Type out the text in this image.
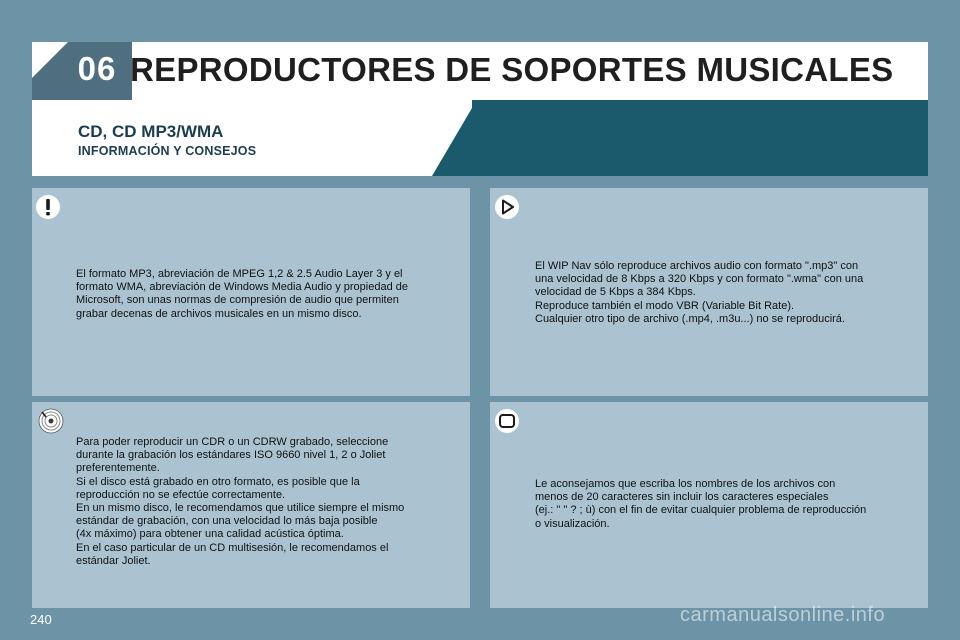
06 REPRODUCTORES DE SOPORTES MUSICALES
CD, CD MP3/WMA
INFORMACIÓN Y CONSEJOS
El formato MP3, abreviación de MPEG 1,2 & 2.5 Audio Layer 3 y el
formato WMA, abreviación de Windows Media Audio y propiedad de
Microsoft, son unas normas de compresión de audio que permiten
grabar decenas de archivos musicales en un mismo disco.
El WIP Nav sólo reproduce archivos audio con formato ".mp3" con
una velocidad de 8 Kbps a 320 Kbps y con formato ".wma" con una
velocidad de 5 Kbps a 384 Kbps.
Reproduce también el modo VBR (Variable Bit Rate).
Cualquier otro tipo de archivo (.mp4, .m3u...) no se reproducirá.
Para poder reproducir un CDR o un CDRW grabado, seleccione
durante la grabación los estándares ISO 9660 nivel 1, 2 o Joliet
preferentemente.
Si el disco está grabado en otro formato, es posible que la
reproducción no se efectúe correctamente.
En un mismo disco, le recomendamos que utilice siempre el mismo
estándar de grabación, con una velocidad lo más baja posible
(4x máximo) para obtener una calidad acústica óptima.
En el caso particular de un CD multisesión, le recomendamos el
estándar Joliet.
Le aconsejamos que escriba los nombres de los archivos con
menos de 20 caracteres sin incluir los caracteres especiales
(ej.: " " ? ; ù) con el fin de evitar cualquier problema de reproducción
o visualización.
240	carmanualsonline.info
